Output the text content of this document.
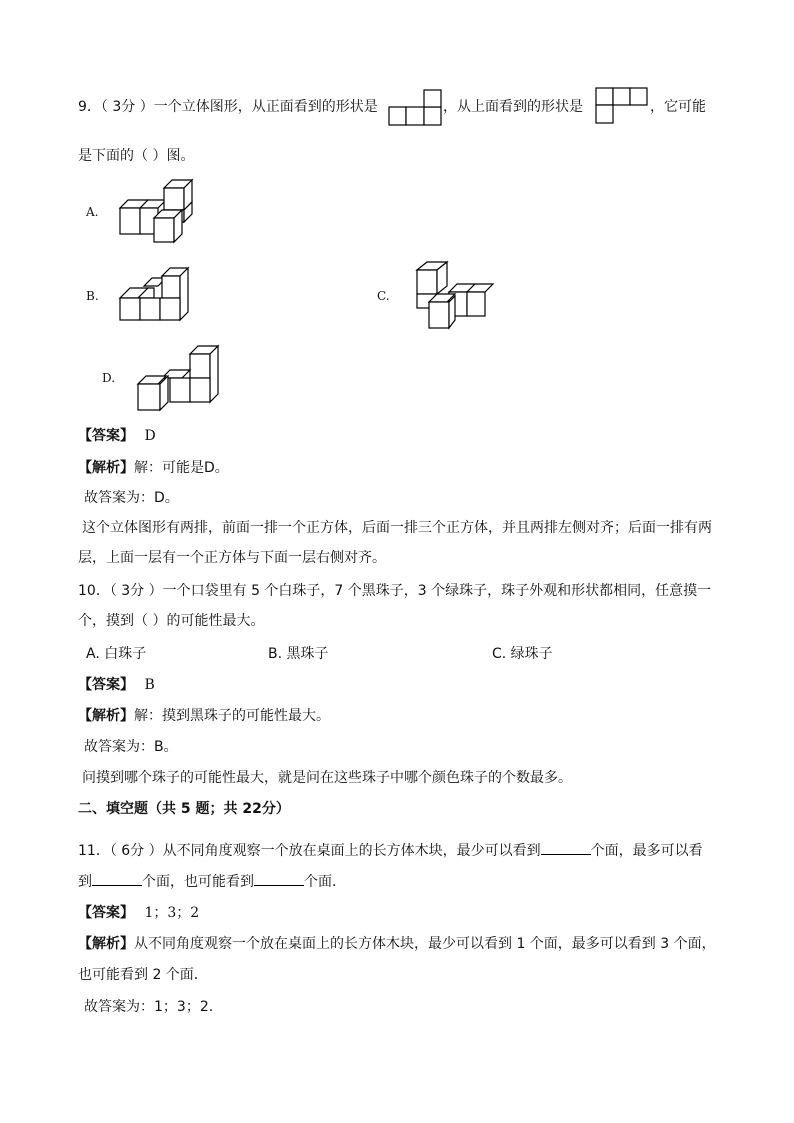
9．（ 3分 ）一个立体图形，从正面看到的形状是	，从上面看到的形状是	，它可能
是下面的（ ）图。
A.
B.	C.
D.
【答案】 D
【解析】解：可能是D。
故答案为：D。
这个立体图形有两排，前面一排一个正方体，后面一排三个正方体，并且两排左侧对齐；后面一排有两
层，上面一层有一个正方体与下面一层右侧对齐。
10．（ 3分 ）一个口袋里有 5 个白珠子，7 个黑珠子，3 个绿珠子，珠子外观和形状都相同，任意摸一
个，摸到（ ）的可能性最大。
A. 白珠子	B. 黑珠子	C. 绿珠子
【答案】 B
【解析】解：摸到黑珠子的可能性最大。
故答案为：B。
问摸到哪个珠子的可能性最大，就是问在这些珠子中哪个颜色珠子的个数最多。
二、填空题（共 5 题；共 22分）
11．（ 6分 ）从不同角度观察一个放在桌面上的长方体木块，最少可以看到	个面，最多可以看
到	个面，也可能看到	个面．
【答案】 1；3；2
【解析】从不同角度观察一个放在桌面上的长方体木块，最少可以看到 1 个面，最多可以看到 3 个面，
也可能看到 2 个面．
故答案为：1；3；2.
